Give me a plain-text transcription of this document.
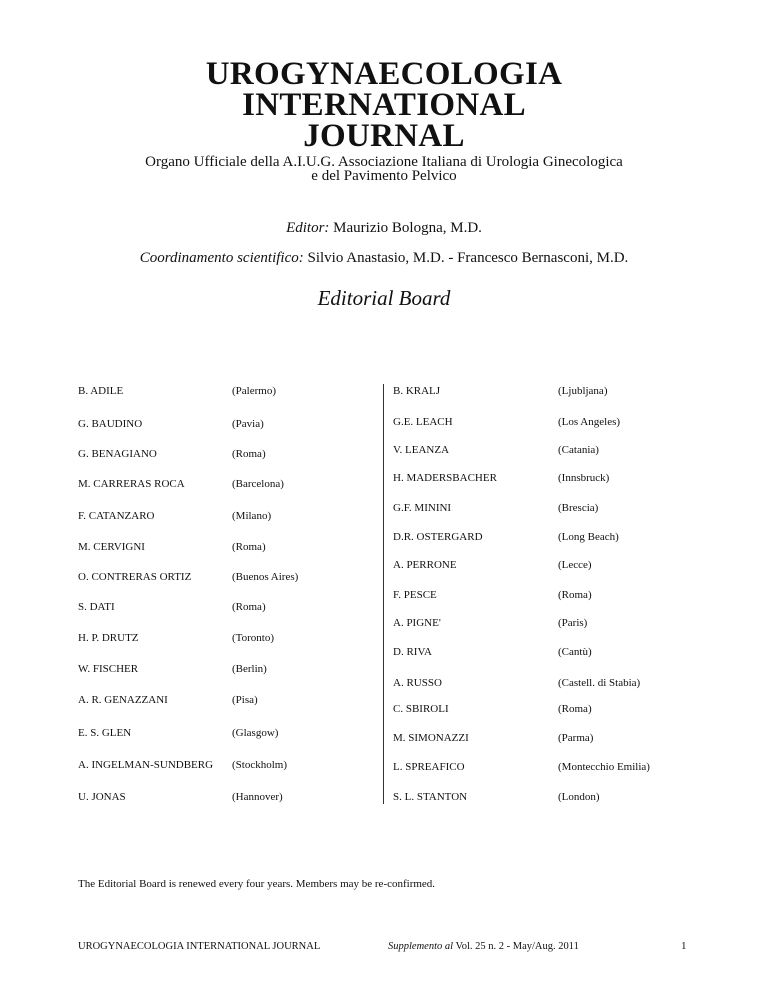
UROGYNAECOLOGIA
INTERNATIONAL
JOURNAL
Organo Ufficiale della A.I.U.G. Associazione Italiana di Urologia Ginecologica
e del Pavimento Pelvico
Editor: Maurizio Bologna, M.D.
Coordinamento scientifico: Silvio Anastasio, M.D. - Francesco Bernasconi, M.D.
Editorial Board
B. ADILE	(Palermo)
G. BAUDINO	(Pavia)
G. BENAGIANO	(Roma)
M. CARRERAS ROCA	(Barcelona)
F. CATANZARO	(Milano)
M. CERVIGNI	(Roma)
O. CONTRERAS ORTIZ	(Buenos Aires)
S. DATI	(Roma)
H. P. DRUTZ	(Toronto)
W. FISCHER	(Berlin)
A. R. GENAZZANI	(Pisa)
E. S. GLEN	(Glasgow)
A. INGELMAN-SUNDBERG (Stockholm)
U. JONAS	(Hannover)
B. KRALJ	(Ljubljana)
G.E. LEACH	(Los Angeles)
V. LEANZA	(Catania)
H. MADERSBACHER	(Innsbruck)
G.F. MININI	(Brescia)
D.R. OSTERGARD	(Long Beach)
A. PERRONE	(Lecce)
F. PESCE	(Roma)
A. PIGNE'	(Paris)
D. RIVA	(Cantù)
A. RUSSO	(Castell. di Stabia)
C. SBIROLI	(Roma)
M. SIMONAZZI	(Parma)
L. SPREAFICO	(Montecchio Emilia)
S. L. STANTON	(London)
The Editorial Board is renewed every four years. Members may be re-confirmed.
UROGYNAECOLOGIA INTERNATIONAL JOURNAL	Supplemento al Vol. 25 n. 2 - May/Aug. 2011	1
